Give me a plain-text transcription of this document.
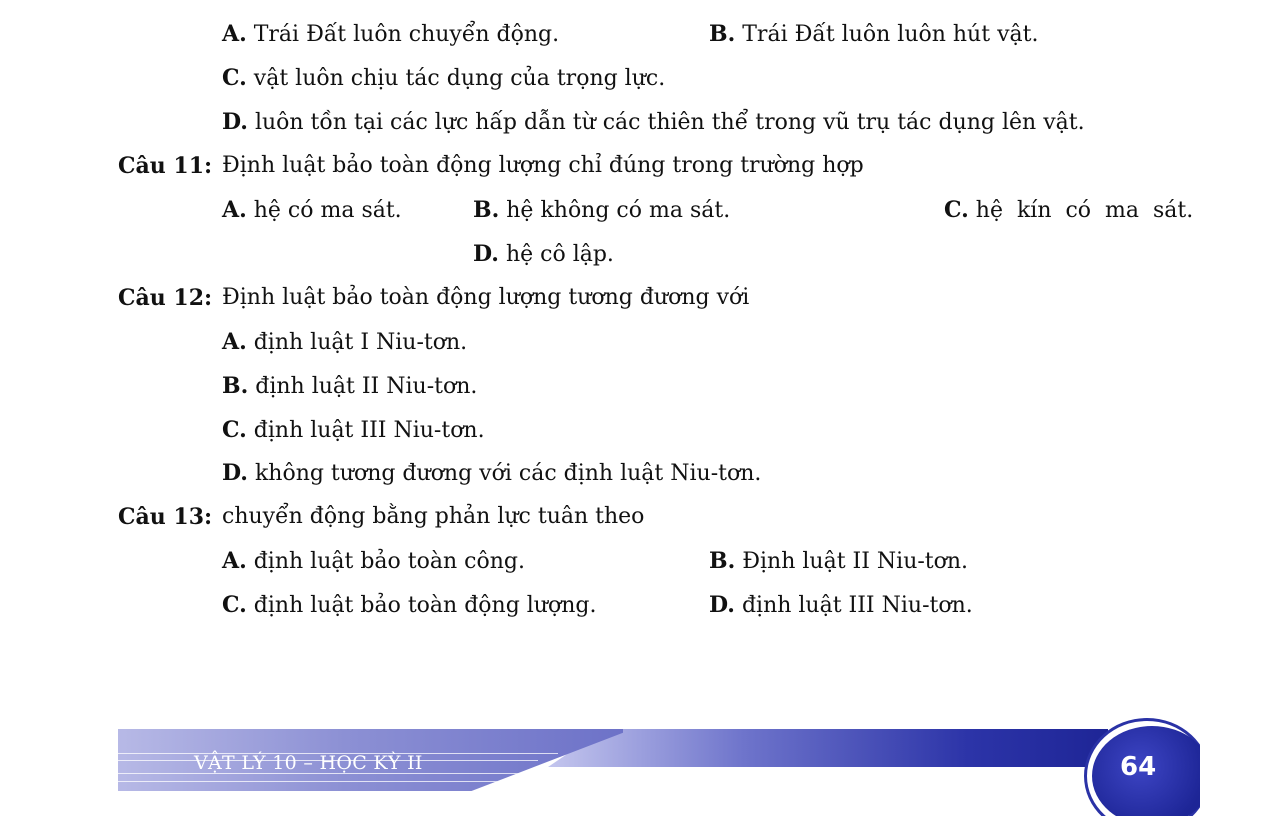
A. Trái Đất luôn chuyển động.	B. Trái Đất luôn luôn hút vật.
C. vật luôn chịu tác dụng của trọng lực.
D. luôn tồn tại các lực hấp dẫn từ các thiên thể trong vũ trụ tác dụng lên vật.
Câu 11: Định luật bảo toàn động lượng chỉ đúng trong trường hợp
A. hệ có ma sát.	B. hệ không có ma sát.	C. hệ  kín  có  ma  sát.
D. hệ cô lập.
Câu 12: Định luật bảo toàn động lượng tương đương với
A. định luật I Niu-tơn.
B. định luật II Niu-tơn.
C. định luật III Niu-tơn.
D. không tương đương với các định luật Niu-tơn.
Câu 13: chuyển động bằng phản lực tuân theo
A. định luật bảo toàn công.	B. Định luật II Niu-tơn.
C. định luật bảo toàn động lượng.	D. định luật III Niu-tơn.
VẬT LÝ 10 – HỌC KỲ II	64
